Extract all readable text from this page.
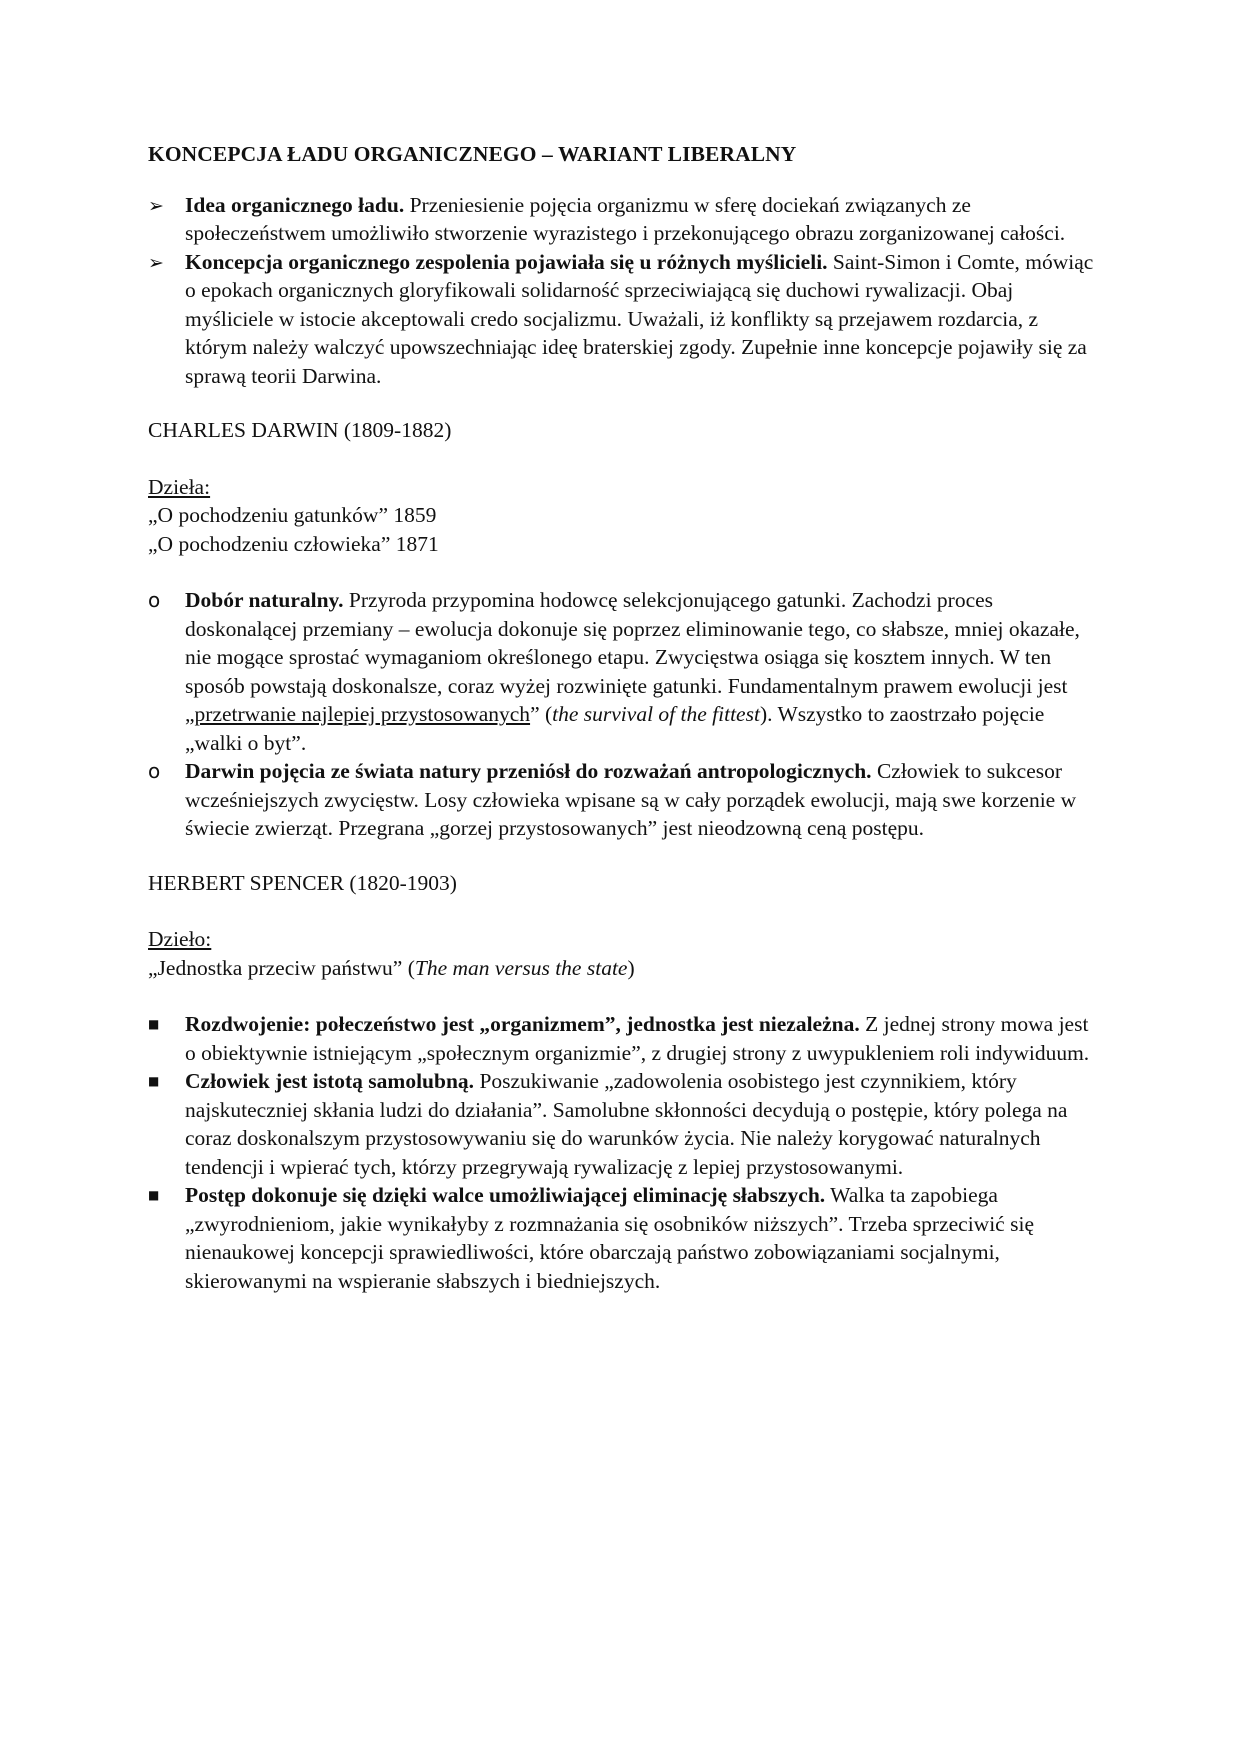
KONCEPCJA ŁADU ORGANICZNEGO – WARIANT LIBERALNY

➢ Idea organicznego ładu. Przeniesienie pojęcia organizmu w sferę dociekań związanych ze społeczeństwem umożliwiło stworzenie wyrazistego i przekonującego obrazu zorganizowanej całości.
➢ Koncepcja organicznego zespolenia pojawiała się u różnych myślicieli. Saint-Simon i Comte, mówiąc o epokach organicznych gloryfikowali solidarność sprzeciwiającą się duchowi rywalizacji. Obaj myśliciele w istocie akceptowali credo socjalizmu. Uważali, iż konflikty są przejawem rozdarcia, z którym należy walczyć upowszechniając ideę braterskiej zgody. Zupełnie inne koncepcje pojawiły się za sprawą teorii Darwina.

CHARLES DARWIN (1809-1882)

Dzieła:

„O pochodzeniu gatunków” 1859

„O pochodzeniu człowieka” 1871

o	Dobór naturalny. Przyroda przypomina hodowcę selekcjonującego gatunki. Zachodzi proces doskonalącej przemiany – ewolucja dokonuje się poprzez eliminowanie tego, co słabsze, mniej okazałe, nie mogące sprostać wymaganiom określonego etapu. Zwycięstwa osiąga się kosztem innych. W ten sposób powstają doskonalsze, coraz wyżej rozwinięte gatunki. Fundamentalnym prawem ewolucji jest „przetrwanie najlepiej przystosowanych” (the survival of the fittest). Wszystko to zaostrzało pojęcie „walki o byt”.
o	Darwin pojęcia ze świata natury przeniósł do rozważań antropologicznych. Człowiek to sukcesor wcześniejszych zwycięstw. Losy człowieka wpisane są w cały porządek ewolucji, mają swe korzenie w świecie zwierząt. Przegrana „gorzej przystosowanych” jest nieodzowną ceną postępu.

HERBERT SPENCER (1820-1903)

Dzieło:

„Jednostka przeciw państwu” (The man versus the state)

■	Rozdwojenie: połeczeństwo jest „organizmem”, jednostka jest niezależna. Z jednej strony mowa jest o obiektywnie istniejącym „społecznym organizmie”, z drugiej strony z uwypukleniem roli indywiduum.
■	Człowiek jest istotą samolubną. Poszukiwanie „zadowolenia osobistego jest czynnikiem, który najskuteczniej skłania ludzi do działania”. Samolubne skłonności decydują o postępie, który polega na coraz doskonalszym przystosowywaniu się do warunków życia. Nie należy korygować naturalnych tendencji i wpierać tych, którzy przegrywają rywalizację z lepiej przystosowanymi.
■	Postęp dokonuje się dzięki walce umożliwiającej eliminację słabszych. Walka ta zapobiega „zwyrodnieniom, jakie wynikałyby z rozmnażania się osobników niższych”. Trzeba sprzeciwić się nienaukowej koncepcji sprawiedliwości, które obarczają państwo zobowiązaniami socjalnymi, skierowanymi na wspieranie słabszych i biedniejszych.
